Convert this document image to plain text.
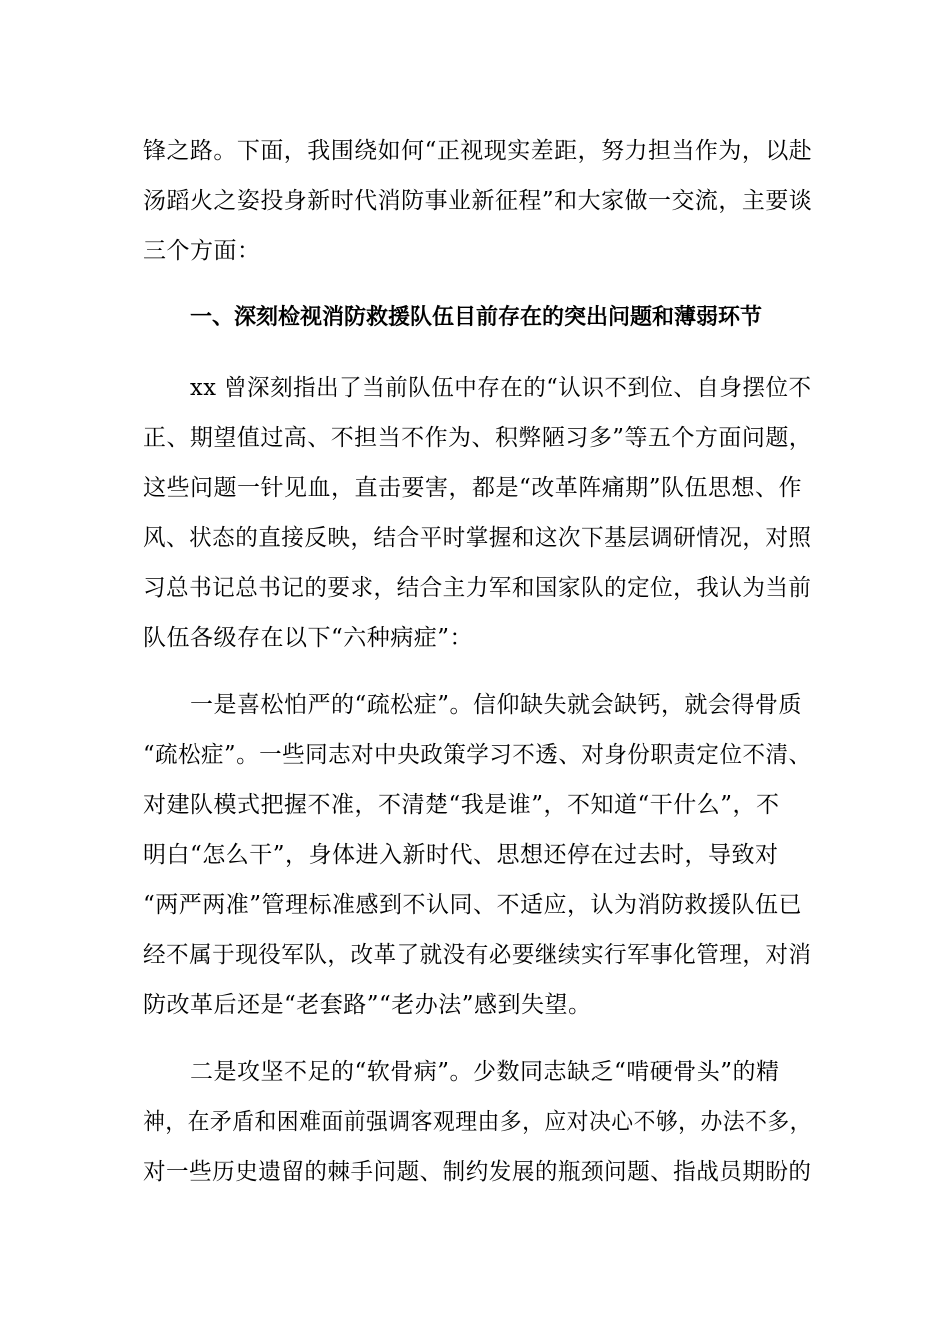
锋之路。下面，我围绕如何“正视现实差距，努力担当作为，以赴
汤蹈火之姿投身新时代消防事业新征程”和大家做一交流，主要谈
三个方面：
一、深刻检视消防救援队伍目前存在的突出问题和薄弱环节
xx 曾深刻指出了当前队伍中存在的“认识不到位、自身摆位不
正、期望值过高、不担当不作为、积弊陋习多”等五个方面问题，
这些问题一针见血，直击要害，都是“改革阵痛期”队伍思想、作
风、状态的直接反映，结合平时掌握和这次下基层调研情况，对照
习总书记总书记的要求，结合主力军和国家队的定位，我认为当前
队伍各级存在以下“六种病症”：
一是喜松怕严的“疏松症”。信仰缺失就会缺钙，就会得骨质
“疏松症”。一些同志对中央政策学习不透、对身份职责定位不清、
对建队模式把握不准，不清楚“我是谁”，不知道“干什么”，不
明白“怎么干”，身体进入新时代、思想还停在过去时，导致对
“两严两准”管理标准感到不认同、不适应，认为消防救援队伍已
经不属于现役军队，改革了就没有必要继续实行军事化管理，对消
防改革后还是“老套路”“老办法”感到失望。
二是攻坚不足的“软骨病”。少数同志缺乏“啃硬骨头”的精
神，在矛盾和困难面前强调客观理由多，应对决心不够，办法不多，
对一些历史遗留的棘手问题、制约发展的瓶颈问题、指战员期盼的
